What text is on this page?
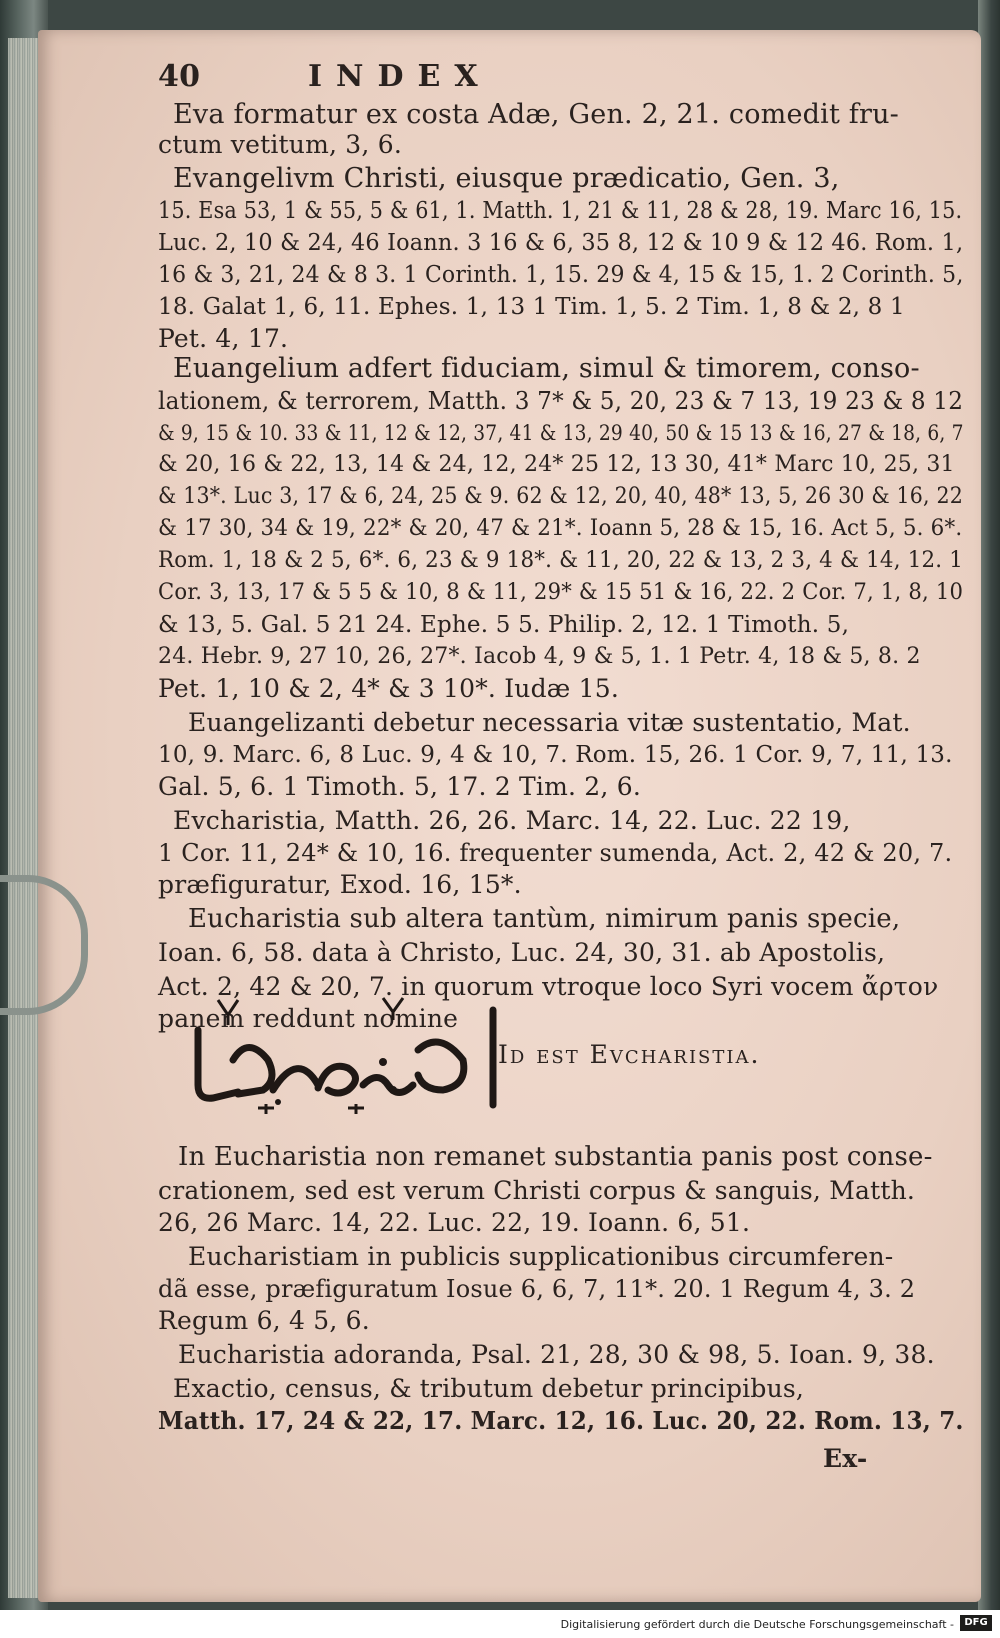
40	INDEX
Eva formatur ex costa Adæ, Gen. 2, 21. comedit fru-
ctum vetitum, 3, 6.
Evangelivm Christi, eiusque prædicatio, Gen. 3,
15. Esa 53, 1 & 55, 5 & 61, 1. Matth. 1, 21 & 11, 28 & 28, 19. Marc 16, 15.
Luc. 2, 10 & 24, 46 Ioann. 3 16 & 6, 35 8, 12 & 10 9 & 12 46. Rom. 1,
16 & 3, 21, 24 & 8 3. 1 Corinth. 1, 15. 29 & 4, 15 & 15, 1. 2 Corinth. 5,
18. Galat 1, 6, 11. Ephes. 1, 13 1 Tim. 1, 5. 2 Tim. 1, 8 & 2, 8 1
Pet. 4, 17.
Euangelium adfert fiduciam, simul & timorem, conso-
lationem, & terrorem, Matth. 3 7* & 5, 20, 23 & 7 13, 19 23 & 8 12
& 9, 15 & 10. 33 & 11, 12 & 12, 37, 41 & 13, 29 40, 50 & 15 13 & 16, 27 & 18, 6, 7
& 20, 16 & 22, 13, 14 & 24, 12, 24* 25 12, 13 30, 41* Marc 10, 25, 31
& 13*. Luc 3, 17 & 6, 24, 25 & 9. 62 & 12, 20, 40, 48* 13, 5, 26 30 & 16, 22
& 17 30, 34 & 19, 22* & 20, 47 & 21*. Ioann 5, 28 & 15, 16. Act 5, 5. 6*.
Rom. 1, 18 & 2 5, 6*. 6, 23 & 9 18*. & 11, 20, 22 & 13, 2 3, 4 & 14, 12. 1
Cor. 3, 13, 17 & 5 5 & 10, 8 & 11, 29* & 15 51 & 16, 22. 2 Cor. 7, 1, 8, 10
& 13, 5. Gal. 5 21 24. Ephe. 5 5. Philip. 2, 12. 1 Timoth. 5,
24. Hebr. 9, 27 10, 26, 27*. Iacob 4, 9 & 5, 1. 1 Petr. 4, 18 & 5, 8. 2
Pet. 1, 10 & 2, 4* & 3 10*. Iudæ 15.
Euangelizanti debetur necessaria vitæ sustentatio, Mat.
10, 9. Marc. 6, 8 Luc. 9, 4 & 10, 7. Rom. 15, 26. 1 Cor. 9, 7, 11, 13.
Gal. 5, 6. 1 Timoth. 5, 17. 2 Tim. 2, 6.
Evcharistia, Matth. 26, 26. Marc. 14, 22. Luc. 22 19,
1 Cor. 11, 24* & 10, 16. frequenter sumenda, Act. 2, 42 & 20, 7.
præfiguratur, Exod. 16, 15*.
Eucharistia sub altera tantùm, nimirum panis specie,
Ioan. 6, 58. data à Christo, Luc. 24, 30, 31. ab Apostolis,
Act. 2, 42 & 20, 7. in quorum vtroque loco Syri vocem ἄρτον
panem reddunt nomine
Id est Evcharistia.
In Eucharistia non remanet substantia panis post conse-
crationem, sed est verum Christi corpus & sanguis, Matth.
26, 26 Marc. 14, 22. Luc. 22, 19. Ioann. 6, 51.
Eucharistiam in publicis supplicationibus circumferen-
dã esse, præfiguratum Iosue 6, 6, 7, 11*. 20. 1 Regum 4, 3. 2
Regum 6, 4 5, 6.
Eucharistia adoranda, Psal. 21, 28, 30 & 98, 5. Ioan. 9, 38.
Exactio, census, & tributum debetur principibus,
Matth. 17, 24 & 22, 17. Marc. 12, 16. Luc. 20, 22. Rom. 13, 7.
Ex-
Digitalisierung gefördert durch die Deutsche Forschungsgemeinschaft -	DFG
